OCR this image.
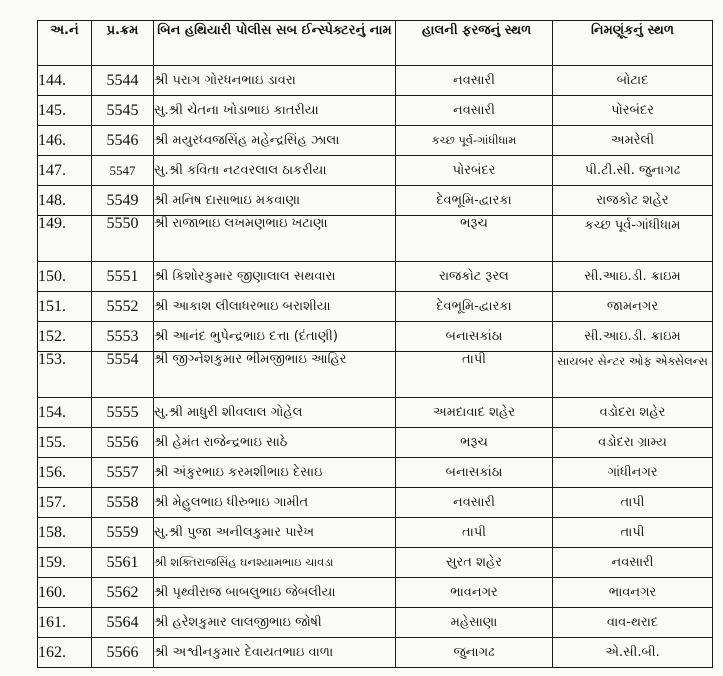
અ.નં	પ્ર.ક્રમ	બિન હથિયારી પોલીસ સબ ઈન્સ્પેક્ટરનું નામ	હાલની ફરજનું સ્થળ	નિમણૂંકનું સ્થળ
144.	5544	શ્રી પરાગ ગોરધનભાઇ ડાવરા	નવસારી	બોટાદ
145.	5545	સુ.શ્રી ચેતના ખોડાભાઇ કાતરીયા	નવસારી	પોરબંદર
146.	5546	શ્રી મયુરધ્વજસિંહ મહેન્દ્રસિંહ ઝાલા	કચ્છ પૂર્વ-ગાંધીધામ	અમરેલી
147.	5547	સુ.શ્રી કવિતા નટવરલાલ ઠાકરીયા	પોરબંદર	પી.ટી.સી. જુનાગઢ
148.	5549	શ્રી મનિષ દાસાભાઇ મકવાણા	દેવભૂમિ-દ્વારકા	રાજકોટ શહેર
149.	5550	શ્રી રાજાભાઇ લખમણભાઇ ખટાણા	ભરૂચ	કચ્છ પૂર્વ-ગાંધીધામ
150.	5551	શ્રી કિશોરકુમાર જીણાલાલ સથવારા	રાજકોટ રૂરલ	સી.આઇ.ડી. ક્રાઇમ
151.	5552	શ્રી આકાશ લીલાધરભાઇ બરાશીયા	દેવભૂમિ-દ્વારકા	જામનગર
152.	5553	શ્રી આનંદ ભુપેન્દ્રભાઇ દત્તા (દંતાણી)	બનાસકાંઠા	સી.આઇ.ડી. ક્રાઇમ
153.	5554	શ્રી જીગ્નેશકુમાર ભીમજીભાઇ આહિર	તાપી	સાયબર સેન્ટર ઓફ એક્સેલન્સ
154.	5555	સુ.શ્રી માધુરી શીવલાલ ગોહેલ	અમદાવાદ શહેર	વડોદરા શહેર
155.	5556	શ્રી હેમંત રાજેન્દ્રભાઇ સાઠે	ભરૂચ	વડોદરા ગ્રામ્ય
156.	5557	શ્રી અંકુરભાઇ કરમશીભાઇ દેસાઇ	બનાસકાંઠા	ગાંધીનગર
157.	5558	શ્રી મેહુલભાઇ ધીરુભાઇ ગામીત	નવસારી	તાપી
158.	5559	સુ.શ્રી પુજા અનીલકુમાર પારેખ	તાપી	તાપી
159.	5561	શ્રી શક્તિરાજસિંહ ઘનશ્યામભાઇ ચાવડા	સુરત શહેર	નવસારી
160.	5562	શ્રી પૃથ્વીરાજ બાબલુભાઇ જેબલીયા	ભાવનગર	ભાવનગર
161.	5564	શ્રી હરેશકુમાર લાલજીભાઇ જોષી	મહેસાણા	વાવ-થરાદ
162.	5566	શ્રી અશ્વીનકુમાર દેવાયતભાઇ વાળા	જુનાગઢ	એ.સી.બી.
